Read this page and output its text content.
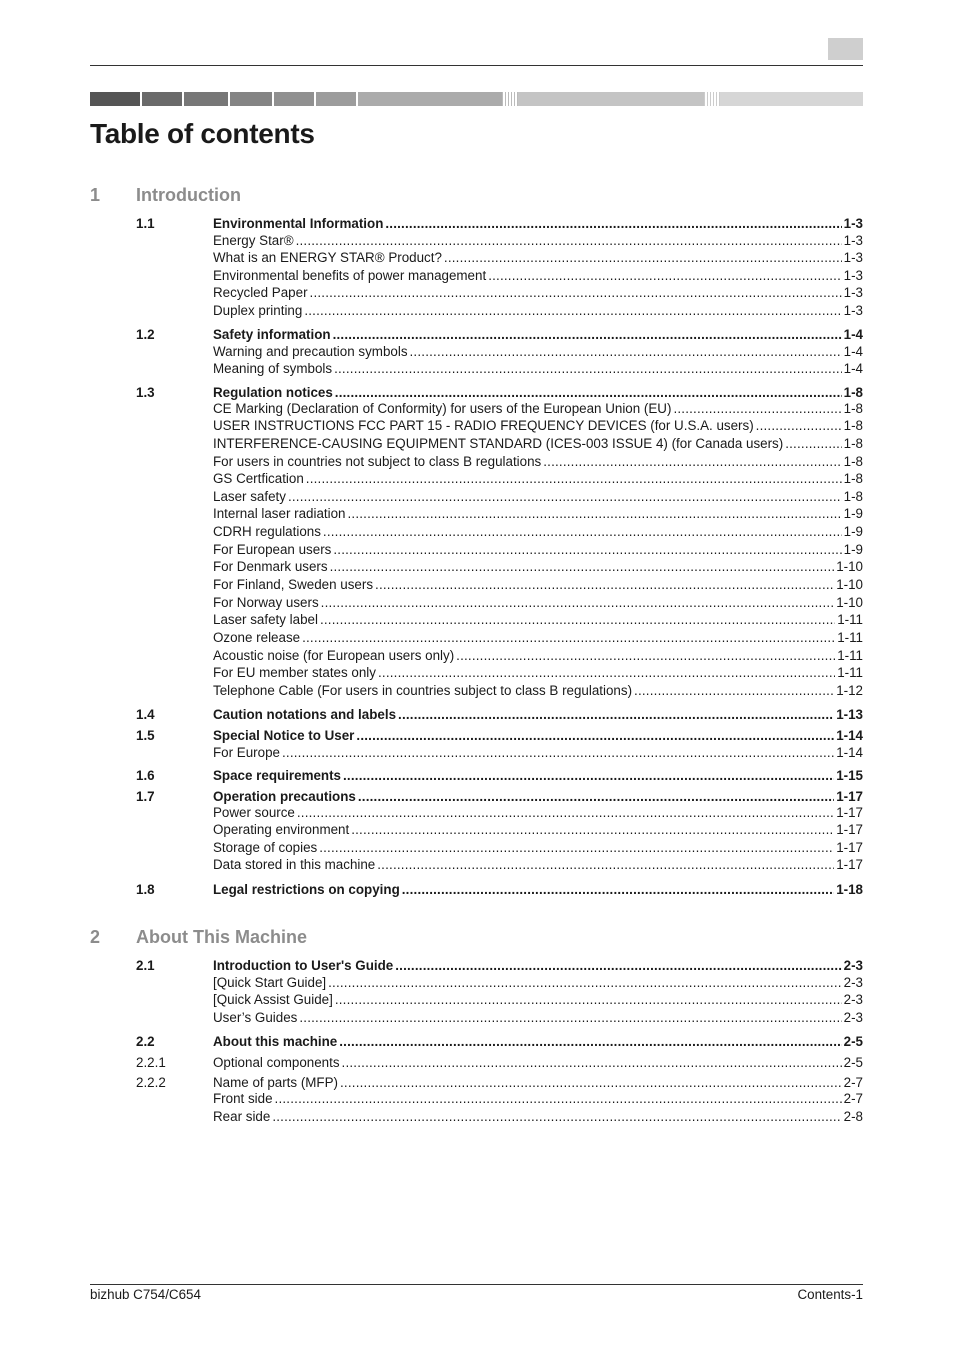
Table of contents
1 Introduction
1.1	Environmental Information .....	1-3
Energy Star® .....	1-3
What is an ENERGY STAR® Product? .....	1-3
Environmental benefits of power management .....	1-3
Recycled Paper .....	1-3
Duplex printing .....	1-3
1.2	Safety information .....	1-4
Warning and precaution symbols .....	1-4
Meaning of symbols .....	1-4
1.3	Regulation notices .....	1-8
CE Marking (Declaration of Conformity) for users of the European Union (EU) .....	1-8
USER INSTRUCTIONS FCC PART 15 - RADIO FREQUENCY DEVICES (for U.S.A. users) .....	1-8
INTERFERENCE-CAUSING EQUIPMENT STANDARD (ICES-003 ISSUE 4) (for Canada users) .....	1-8
For users in countries not subject to class B regulations .....	1-8
GS Certfication .....	1-8
Laser safety .....	1-8
Internal laser radiation .....	1-9
CDRH regulations .....	1-9
For European users .....	1-9
For Denmark users .....	1-10
For Finland, Sweden users .....	1-10
For Norway users .....	1-10
Laser safety label .....	1-11
Ozone release .....	1-11
Acoustic noise (for European users only) .....	1-11
For EU member states only .....	1-11
Telephone Cable (For users in countries subject to class B regulations) .....	1-12
1.4	Caution notations and labels .....	1-13
1.5	Special Notice to User .....	1-14
For Europe .....	1-14
1.6	Space requirements .....	1-15
1.7	Operation precautions .....	1-17
Power source .....	1-17
Operating environment .....	1-17
Storage of copies .....	1-17
Data stored in this machine .....	1-17
1.8	Legal restrictions on copying .....	1-18
2 About This Machine
2.1	Introduction to User's Guide .....	2-3
[Quick Start Guide] .....	2-3
[Quick Assist Guide] .....	2-3
User’s Guides .....	2-3
2.2	About this machine .....	2-5
2.2.1	Optional components .....	2-5
2.2.2	Name of parts (MFP) .....	2-7
Front side .....	2-7
Rear side .....	2-8
bizhub C754/C654	Contents-1
